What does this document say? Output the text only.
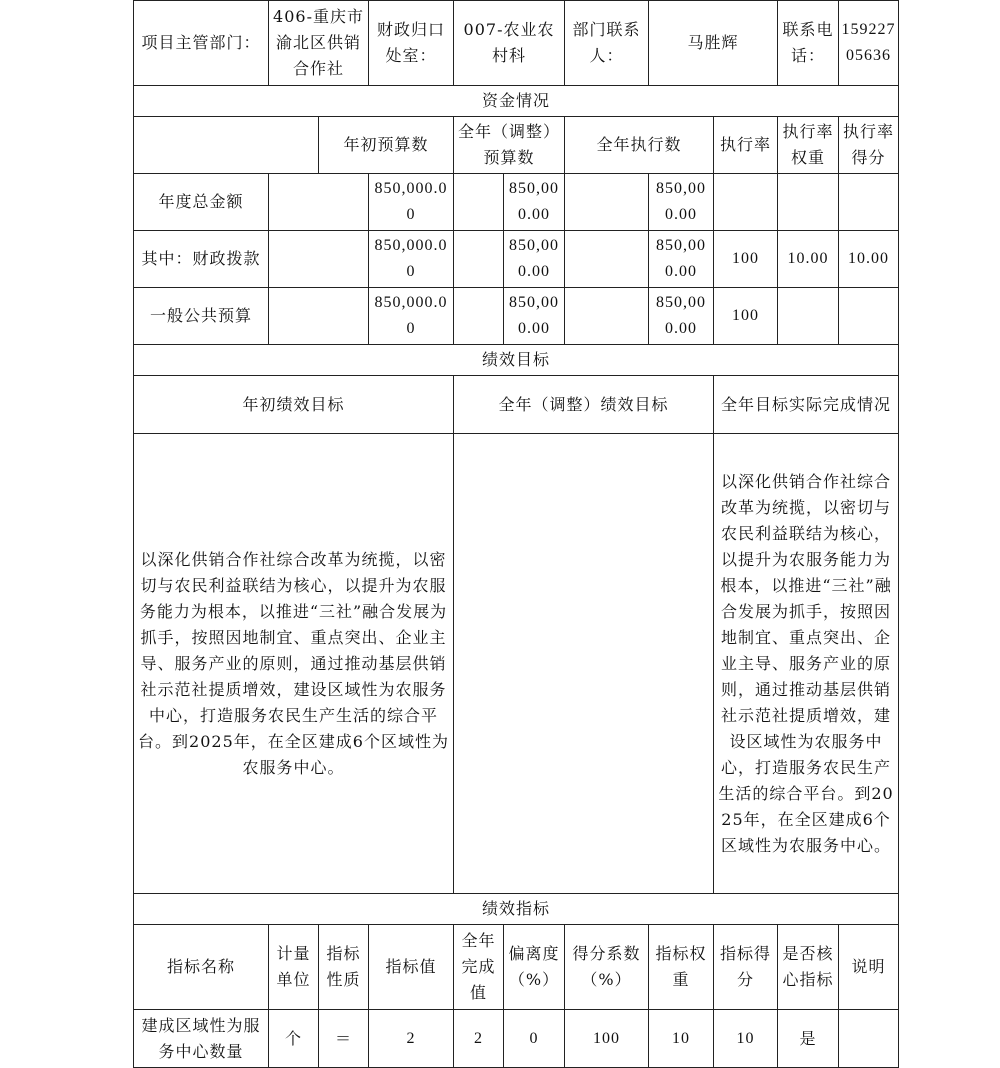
项目主管部门：	406-重庆市渝北区供销合作社		财政归口处室：	007-农业农村科		部门联系人：	马胜辉		联系电话：	15922705636
资金情况										
		年初预算数		全年（调整）预算数		全年执行数		执行率	执行率权重	执行率得分
年度总金额			850,000.00		850,000.00		850,000.00			
其中：财政拨款			850,000.00		850,000.00		850,000.00	100	10.00	10.00
一般公共预算			850,000.00		850,000.00		850,000.00	100		
绩效目标										
年初绩效目标				全年（调整）绩效目标				全年目标实际完成情况		
以深化供销合作社综合改革为统揽，以密切与农民利益联结为核心，以提升为农服务能力为根本，以推进“三社”融合发展为抓手，按照因地制宜、重点突出、企业主导、服务产业的原则，通过推动基层供销社示范社提质增效，建设区域性为农服务中心，打造服务农民生产生活的综合平台。到2025年，在全区建成6个区域性为农服务中心。								以深化供销合作社综合改革为统揽，以密切与农民利益联结为核心，以提升为农服务能力为根本，以推进“三社”融合发展为抓手，按照因地制宜、重点突出、企业主导、服务产业的原则，通过推动基层供销社示范社提质增效，建设区域性为农服务中心，打造服务农民生产生活的综合平台。到2025年，在全区建成6个区域性为农服务中心。		
绩效指标										
指标名称	计量单位	指标性质	指标值	全年完成值	偏离度（%）	得分系数（%）	指标权重	指标得分	是否核心指标	说明
建成区域性为服务中心数量	个	＝	2	2	0	100	10	10	是	
